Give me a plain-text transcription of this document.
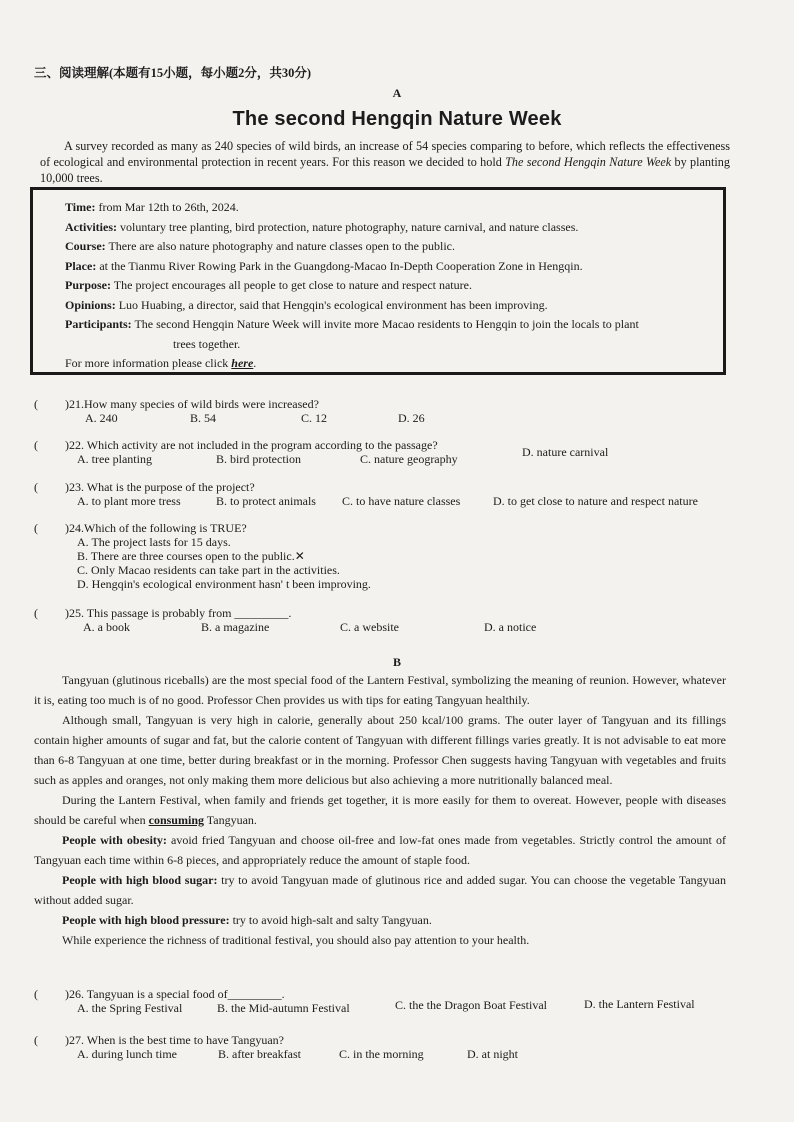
三、阅读理解(本题有15小题，每小题2分，共30分)
A
The second Hengqin Nature Week
A survey recorded as many as 240 species of wild birds, an increase of 54 species comparing to before, which reflects the effectiveness of ecological and environmental protection in recent years. For this reason we decided to hold The second Hengqin Nature Week by planting 10,000 trees.
Time: from Mar 12th to 26th, 2024.
Activities: voluntary tree planting, bird protection, nature photography, nature carnival, and nature classes.
Course: There are also nature photography and nature classes open to the public.
Place: at the Tianmu River Rowing Park in the Guangdong-Macao In-Depth Cooperation Zone in Hengqin.
Purpose: The project encourages all people to get close to nature and respect nature.
Opinions: Luo Huabing, a director, said that Hengqin's ecological environment has been improving.
Participants: The second Hengqin Nature Week will invite more Macao residents to Hengqin to join the locals to plant
trees together.
For more information please click here.
( )21.How many species of wild birds were increased?
A. 240	B. 54	C. 12	D. 26
( )22. Which activity are not included in the program according to the passage?
A. tree planting	B. bird protection	C. nature geography	D. nature carnival
( )23. What is the purpose of the project?
A. to plant more tress	B. to protect animals C. to have nature classes	D. to get close to nature and respect nature
( )24.Which of the following is TRUE?
A. The project lasts for 15 days.
B. There are three courses open to the public.✕
C. Only Macao residents can take part in the activities.
D. Hengqin's ecological environment hasn' t been improving.
( )25. This passage is probably from _________.
A. a book	B. a magazine	C. a website	D. a notice
B

Tangyuan (glutinous riceballs) are the most special food of the Lantern Festival, symbolizing the meaning of reunion. However, whatever it is, eating too much is of no good. Professor Chen provides us with tips for eating Tangyuan healthily.

Although small, Tangyuan is very high in calorie, generally about 250 kcal/100 grams. The outer layer of Tangyuan and its fillings contain higher amounts of sugar and fat, but the calorie content of Tangyuan with different fillings varies greatly. It is not advisable to eat more than 6-8 Tangyuan at one time, better during breakfast or in the morning. Professor Chen suggests having Tangyuan with vegetables and fruits such as apples and oranges, not only making them more delicious but also achieving a more nutritionally balanced meal.

During the Lantern Festival, when family and friends get together, it is more easily for them to overeat. However, people with diseases should be careful when consuming Tangyuan.

People with obesity: avoid fried Tangyuan and choose oil-free and low-fat ones made from vegetables. Strictly control the amount of Tangyuan each time within 6-8 pieces, and appropriately reduce the amount of staple food.

People with high blood sugar: try to avoid Tangyuan made of glutinous rice and added sugar. You can choose the vegetable Tangyuan without added sugar.

People with high blood pressure: try to avoid high-salt and salty Tangyuan.

While experience the richness of traditional festival, you should also pay attention to your health.

( )26. Tangyuan is a special food of_________.
A. the Spring Festival	B. the Mid-autumn Festival	C. the the Dragon Boat Festival	D. the Lantern Festival
( )27. When is the best time to have Tangyuan?
A. during lunch time	B. after breakfast	C. in the morning	D. at night
